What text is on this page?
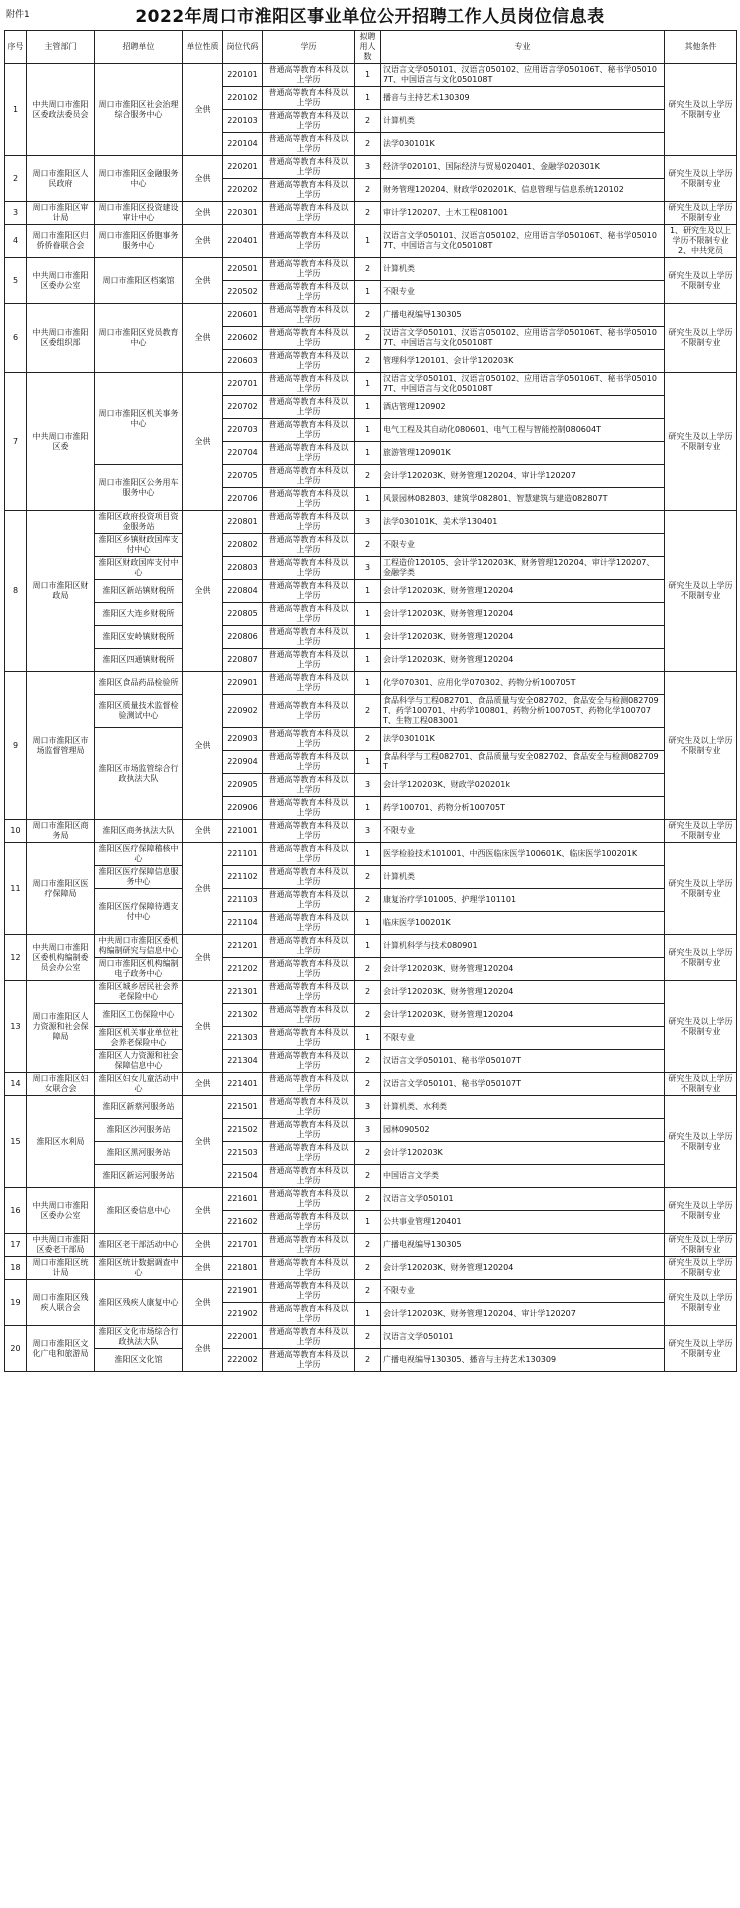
附件1	2022年周口市淮阳区事业单位公开招聘工作人员岗位信息表
序号	主管部门	招聘单位	单位性质	岗位代码	学历	拟聘用人数	专业	其他条件
1	中共周口市淮阳区委政法委员会	周口市淮阳区社会治理综合服务中心	全供	220101	普通高等教育本科及以上学历	1	汉语言文学050101、汉语言050102、应用语言学050106T、秘书学050107T、中国语言与文化050108T	研究生及以上学历不限制专业
				220102	普通高等教育本科及以上学历	1	播音与主持艺术130309	
				220103	普通高等教育本科及以上学历	2	计算机类	
				220104	普通高等教育本科及以上学历	2	法学030101K	
2	周口市淮阳区人民政府	周口市淮阳区金融服务中心	全供	220201	普通高等教育本科及以上学历	3	经济学020101、国际经济与贸易020401、金融学020301K	研究生及以上学历不限制专业
				220202	普通高等教育本科及以上学历	2	财务管理120204、财政学020201K、信息管理与信息系统120102	
3	周口市淮阳区审计局	周口市淮阳区投资建设审计中心	全供	220301	普通高等教育本科及以上学历	2	审计学120207、土木工程081001	研究生及以上学历不限制专业
4	周口市淮阳区归侨侨眷联合会	周口市淮阳区侨胞事务服务中心	全供	220401	普通高等教育本科及以上学历	1	汉语言文学050101、汉语言050102、应用语言学050106T、秘书学050107T、中国语言与文化050108T	1、研究生及以上学历不限制专业 2、中共党员
5	中共周口市淮阳区委办公室	周口市淮阳区档案馆	全供	220501	普通高等教育本科及以上学历	2	计算机类	研究生及以上学历不限制专业
				220502	普通高等教育本科及以上学历	1	不限专业	
6	中共周口市淮阳区委组织部	周口市淮阳区党员教育中心	全供	220601	普通高等教育本科及以上学历	2	广播电视编导130305	研究生及以上学历不限制专业
				220602	普通高等教育本科及以上学历	2	汉语言文学050101、汉语言050102、应用语言学050106T、秘书学050107T、中国语言与文化050108T	
				220603	普通高等教育本科及以上学历	2	管理科学120101、会计学120203K	
7	中共周口市淮阳区委	周口市淮阳区机关事务中心	全供	220701	普通高等教育本科及以上学历	1	汉语言文学050101、汉语言050102、应用语言学050106T、秘书学050107T、中国语言与文化050108T	研究生及以上学历不限制专业
				220702	普通高等教育本科及以上学历	1	酒店管理120902	
				220703	普通高等教育本科及以上学历	1	电气工程及其自动化080601、电气工程与智能控制080604T	
				220704	普通高等教育本科及以上学历	1	旅游管理120901K	
		周口市淮阳区公务用车服务中心		220705	普通高等教育本科及以上学历	2	会计学120203K、财务管理120204、审计学120207	
				220706	普通高等教育本科及以上学历	1	风景园林082803、建筑学082801、智慧建筑与建造082807T	
8	周口市淮阳区财政局	淮阳区政府投资项目资金服务站	全供	220801	普通高等教育本科及以上学历	3	法学030101K、美术学130401	研究生及以上学历不限制专业
		淮阳区乡镇财政国库支付中心		220802	普通高等教育本科及以上学历	2	不限专业	
		淮阳区财政国库支付中心		220803	普通高等教育本科及以上学历	3	工程造价120105、会计学120203K、财务管理120204、审计学120207、金融学类	
		淮阳区新站镇财税所		220804	普通高等教育本科及以上学历	1	会计学120203K、财务管理120204	
		淮阳区大连乡财税所		220805	普通高等教育本科及以上学历	1	会计学120203K、财务管理120204	
		淮阳区安岭镇财税所		220806	普通高等教育本科及以上学历	1	会计学120203K、财务管理120204	
		淮阳区四通镇财税所		220807	普通高等教育本科及以上学历	1	会计学120203K、财务管理120204	
9	周口市淮阳区市场监督管理局	淮阳区食品药品检验所	全供	220901	普通高等教育本科及以上学历	1	化学070301、应用化学070302、药物分析100705T	研究生及以上学历不限制专业
		淮阳区质量技术监督检验测试中心		220902	普通高等教育本科及以上学历	2	食品科学与工程082701、食品质量与安全082702、食品安全与检测082709T、药学100701、中药学100801、药物分析100705T、药物化学100707T、生物工程083001	
		淮阳区市场监管综合行政执法大队		220903	普通高等教育本科及以上学历	2	法学030101K	
				220904	普通高等教育本科及以上学历	1	食品科学与工程082701、食品质量与安全082702、食品安全与检测082709T	
				220905	普通高等教育本科及以上学历	3	会计学120203K、财政学020201k	
				220906	普通高等教育本科及以上学历	1	药学100701、药物分析100705T	
10	周口市淮阳区商务局	淮阳区商务执法大队	全供	221001	普通高等教育本科及以上学历	3	不限专业	研究生及以上学历不限制专业
11	周口市淮阳区医疗保障局	淮阳区医疗保障稽核中心	全供	221101	普通高等教育本科及以上学历	1	医学检验技术101001、中西医临床医学100601K、临床医学100201K	研究生及以上学历不限制专业
		淮阳区医疗保障信息服务中心		221102	普通高等教育本科及以上学历	2	计算机类	
		淮阳区医疗保障待遇支付中心		221103	普通高等教育本科及以上学历	2	康复治疗学101005、护理学101101	
				221104	普通高等教育本科及以上学历	1	临床医学100201K	
12	中共周口市淮阳区委机构编制委员会办公室	中共周口市淮阳区委机构编制研究与信息中心	全供	221201	普通高等教育本科及以上学历	1	计算机科学与技术080901	研究生及以上学历不限制专业
		周口市淮阳区机构编制电子政务中心		221202	普通高等教育本科及以上学历	2	会计学120203K、财务管理120204	
13	周口市淮阳区人力资源和社会保障局	淮阳区城乡居民社会养老保险中心	全供	221301	普通高等教育本科及以上学历	2	会计学120203K、财务管理120204	研究生及以上学历不限制专业
		淮阳区工伤保险中心		221302	普通高等教育本科及以上学历	2	会计学120203K、财务管理120204	
		淮阳区机关事业单位社会养老保险中心		221303	普通高等教育本科及以上学历	1	不限专业	
		淮阳区人力资源和社会保障信息中心		221304	普通高等教育本科及以上学历	2	汉语言文学050101、秘书学050107T	
14	周口市淮阳区妇女联合会	淮阳区妇女儿童活动中心	全供	221401	普通高等教育本科及以上学历	2	汉语言文学050101、秘书学050107T	研究生及以上学历不限制专业
15	淮阳区水利局	淮阳区新蔡河服务站	全供	221501	普通高等教育本科及以上学历	3	计算机类、水利类	研究生及以上学历不限制专业
		淮阳区沙河服务站		221502	普通高等教育本科及以上学历	3	园林090502	
		淮阳区黑河服务站		221503	普通高等教育本科及以上学历	2	会计学120203K	
		淮阳区新运河服务站		221504	普通高等教育本科及以上学历	2	中国语言文学类	
16	中共周口市淮阳区委办公室	淮阳区委信息中心	全供	221601	普通高等教育本科及以上学历	2	汉语言文学050101	研究生及以上学历不限制专业
				221602	普通高等教育本科及以上学历	1	公共事业管理120401	
17	中共周口市淮阳区委老干部局	淮阳区老干部活动中心	全供	221701	普通高等教育本科及以上学历	2	广播电视编导130305	研究生及以上学历不限制专业
18	周口市淮阳区统计局	淮阳区统计数据调查中心	全供	221801	普通高等教育本科及以上学历	2	会计学120203K、财务管理120204	研究生及以上学历不限制专业
19	周口市淮阳区残疾人联合会	淮阳区残疾人康复中心	全供	221901	普通高等教育本科及以上学历	2	不限专业	研究生及以上学历不限制专业
				221902	普通高等教育本科及以上学历	1	会计学120203K、财务管理120204、审计学120207	
20	周口市淮阳区文化广电和旅游局	淮阳区文化市场综合行政执法大队	全供	222001	普通高等教育本科及以上学历	2	汉语言文学050101	研究生及以上学历不限制专业
		淮阳区文化馆		222002	普通高等教育本科及以上学历	2	广播电视编导130305、播音与主持艺术130309	
